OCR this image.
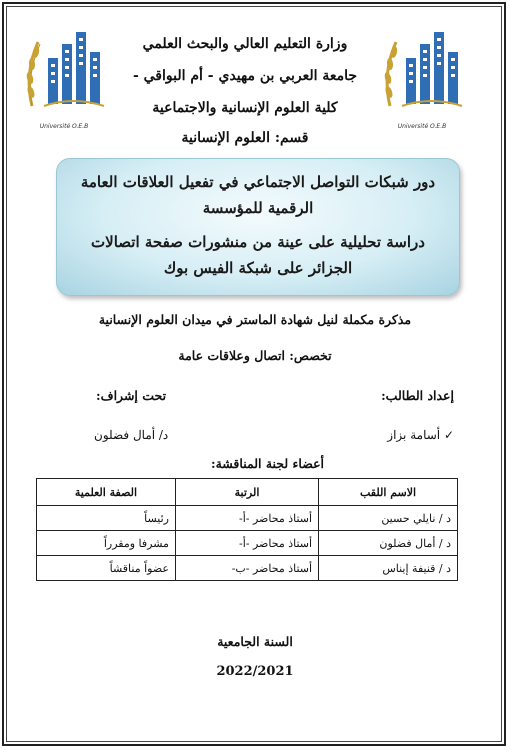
Université O.E.B	Université O.E.B
وزارة التعليم العالي والبحث العلمي
جامعة العربي بن مهيدي - أم البواقي -
كلية العلوم الإنسانية والاجتماعية
قسم: العلوم الإنسانية
دور شبكات التواصل الاجتماعي في تفعيل العلاقات العامة
الرقمية للمؤسسة
دراسة تحليلية على عينة من منشورات صفحة اتصالات
الجزائر على شبكة الفيس بوك
مذكرة مكملة لنيل شهادة الماستر في ميدان العلوم الإنسانية
تخصص: اتصال وعلاقات عامة
إعداد الطالب:
تحت إشراف:
✓ أسامة بزاز
د/ أمال فضلون
أعضاء لجنة المناقشة:
الاسم اللقب	الرتبة	الصفة العلمية
د / نايلي حسين	أستاذ محاضر -أ-	رئيساً
د / أمال فضلون	أستاذ محاضر -أ-	مشرفا ومقرراً
د / قنيفة إيناس	أستاذ محاضر -ب-	عضواً مناقشاً
السنة الجامعية
2022/2021
